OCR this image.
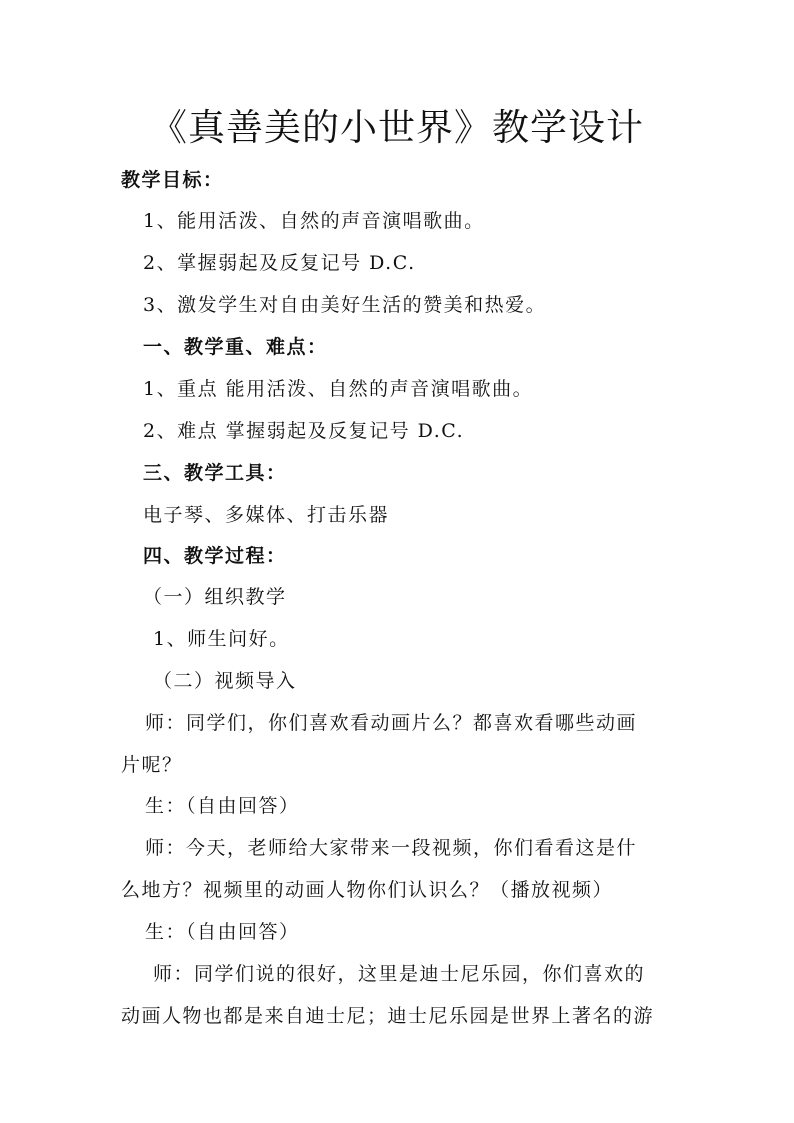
《真善美的小世界》教学设计
教学目标：
1、能用活泼、自然的声音演唱歌曲。
2、掌握弱起及反复记号 D.C.
3、激发学生对自由美好生活的赞美和热爱。
一、教学重、难点：
1、重点 能用活泼、自然的声音演唱歌曲。
2、难点 掌握弱起及反复记号 D.C.
三、教学工具：
电子琴、多媒体、打击乐器
四、教学过程：
（一）组织教学
1、师生问好。
（二）视频导入
师：同学们，你们喜欢看动画片么？都喜欢看哪些动画
片呢？
生：（自由回答）
师：今天，老师给大家带来一段视频，你们看看这是什
么地方？视频里的动画人物你们认识么？（播放视频）
生：（自由回答）
师：同学们说的很好，这里是迪士尼乐园，你们喜欢的
动画人物也都是来自迪士尼；迪士尼乐园是世界上著名的游
